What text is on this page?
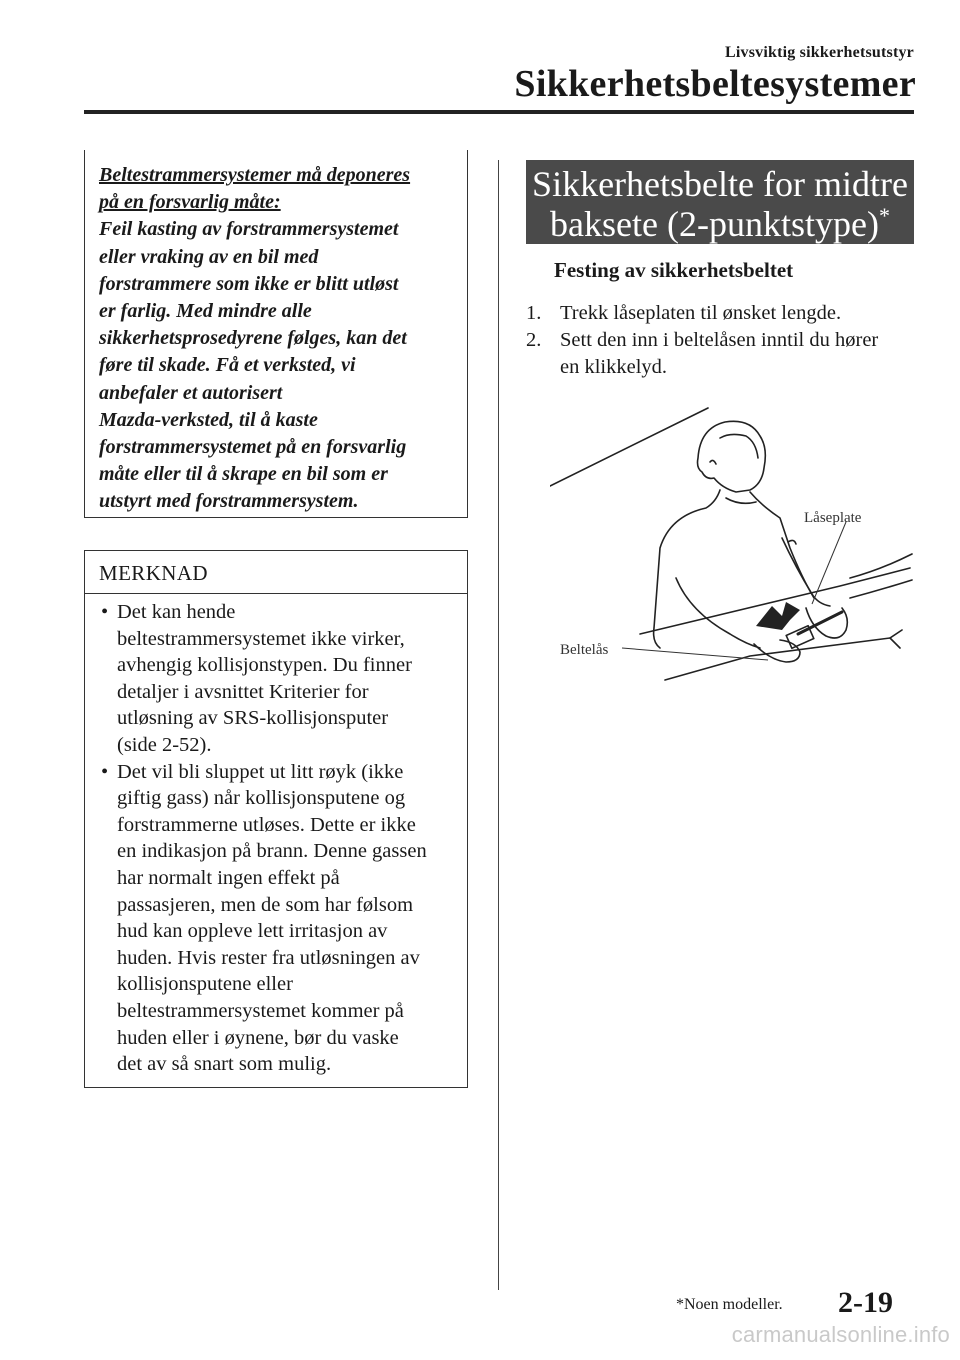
Livsviktig sikkerhetsutstyr
Sikkerhetsbeltesystemer
Beltestrammersystemer må deponeres
på en forsvarlig måte:
Feil kasting av forstrammersystemet
eller vraking av en bil med
forstrammere som ikke er blitt utløst
er farlig. Med mindre alle
sikkerhetsprosedyrene følges, kan det
føre til skade. Få et verksted, vi
anbefaler et autorisert
Mazda-verksted, til å kaste
forstrammersystemet på en forsvarlig
måte eller til å skrape en bil som er
utstyrt med forstrammersystem.
MERKNAD
• Det kan hende
beltestrammersystemet ikke virker,
avhengig kollisjonstypen. Du finner
detaljer i avsnittet Kriterier for
utløsning av SRS-kollisjonsputer
(side 2-52).
• Det vil bli sluppet ut litt røyk (ikke
giftig gass) når kollisjonsputene og
forstrammerne utløses. Dette er ikke
en indikasjon på brann. Denne gassen
har normalt ingen effekt på
passasjeren, men de som har følsom
hud kan oppleve lett irritasjon av
huden. Hvis rester fra utløsningen av
kollisjonsputene eller
beltestrammersystemet kommer på
huden eller i øynene, bør du vaske
det av så snart som mulig.
Sikkerhetsbelte for midtre
baksete (2-punktstype)*
Festing av sikkerhetsbeltet
1. Trekk låseplaten til ønsket lengde.
2. Sett den inn i beltelåsen inntil du hører
en klikkelyd.
Låseplate
Beltelås
*Noen modeller. 2-19
carmanualsonline.info
